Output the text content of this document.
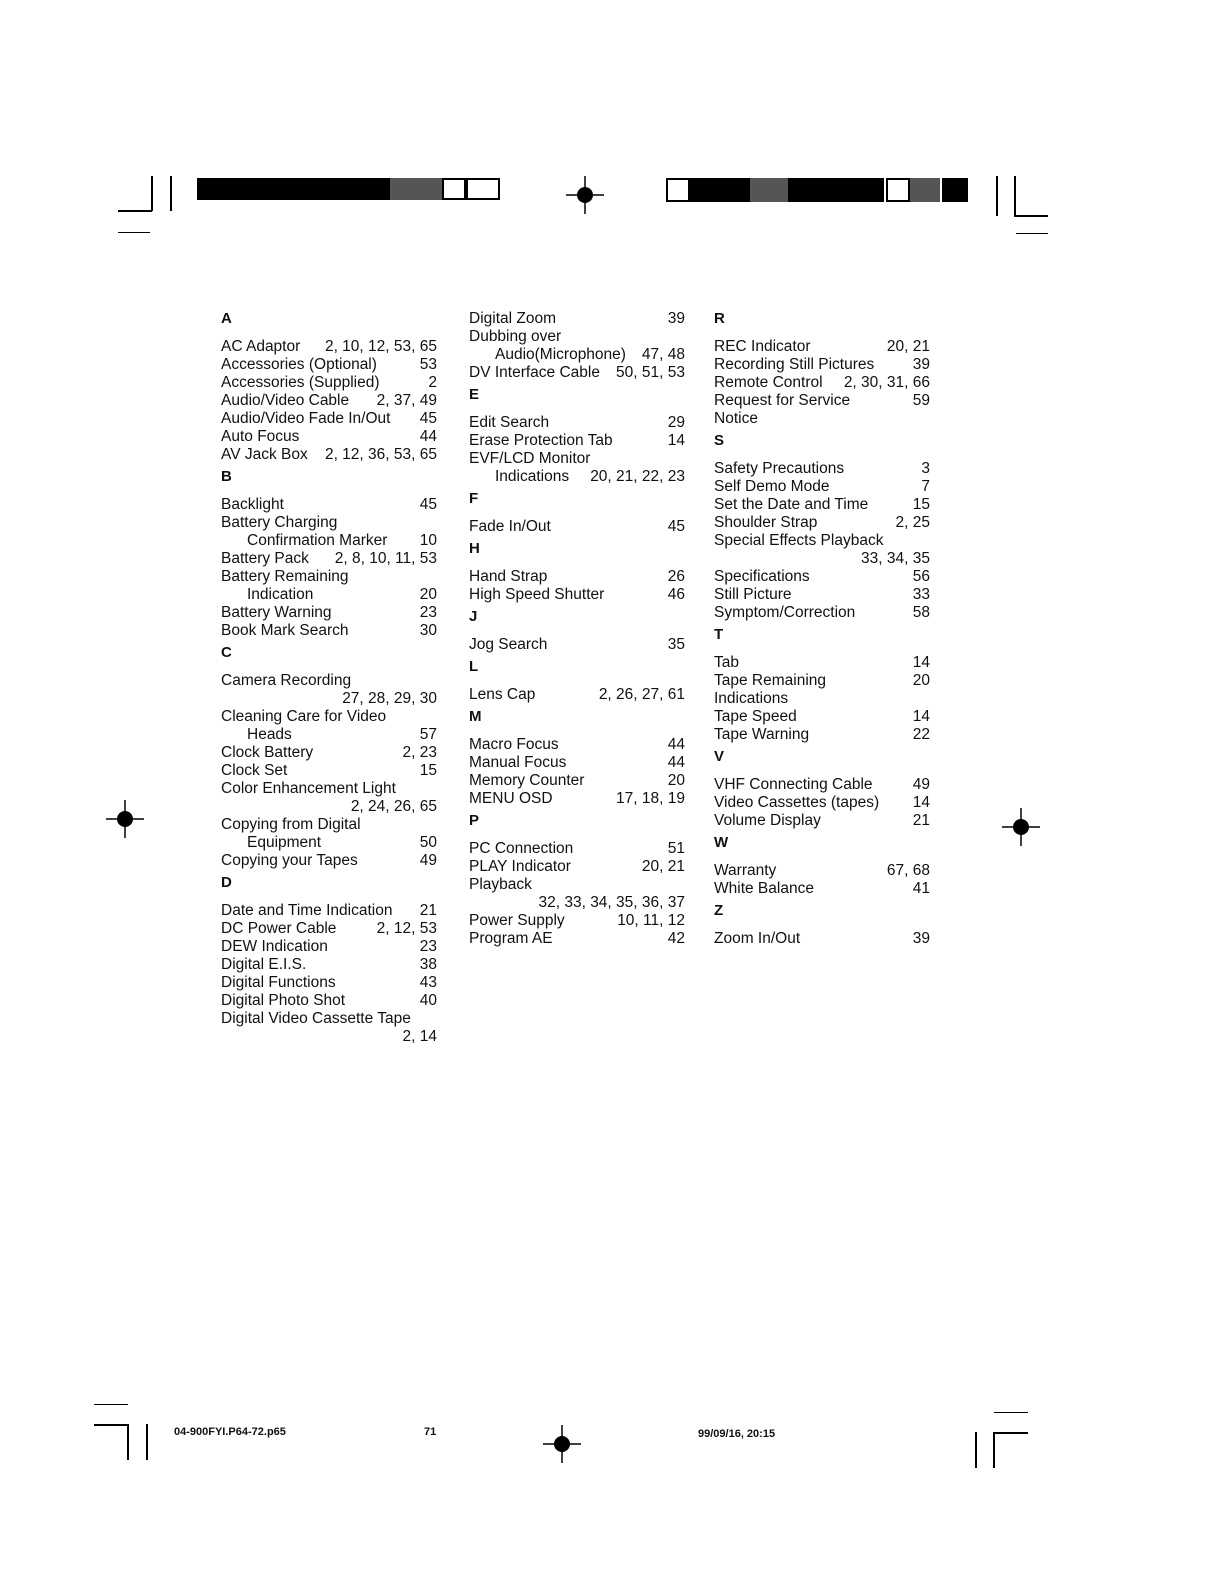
A
AC Adaptor	2, 10, 12, 53, 65
Accessories (Optional)	53
Accessories (Supplied)	2
Audio/Video Cable	2, 37, 49
Audio/Video Fade In/Out	45
Auto Focus	44
AV Jack Box	2, 12, 36, 53, 65
B
Backlight	45
Battery Charging
Confirmation Marker	10
Battery Pack	2, 8, 10, 11, 53
Battery Remaining
Indication	20
Battery Warning	23
Book Mark Search	30
C
Camera Recording
27, 28, 29, 30
Cleaning Care for Video
Heads	57
Clock Battery	2, 23
Clock Set	15
Color Enhancement Light
2, 24, 26, 65
Copying from Digital
Equipment	50
Copying your Tapes	49
D
Date and Time Indication	21
DC Power Cable	2, 12, 53
DEW Indication	23
Digital E.I.S.	38
Digital Functions	43
Digital Photo Shot	40
Digital Video Cassette Tape
2, 14
Digital Zoom	39
Dubbing over
Audio(Microphone)	47, 48
DV Interface Cable	50, 51, 53
E
Edit Search	29
Erase Protection Tab	14
EVF/LCD Monitor
Indications	20, 21, 22, 23
F
Fade In/Out	45
H
Hand Strap	26
High Speed Shutter	46
J
Jog Search	35
L
Lens Cap	2, 26, 27, 61
M
Macro Focus	44
Manual Focus	44
Memory Counter	20
MENU OSD	17, 18, 19
P
PC Connection	51
PLAY Indicator	20, 21
Playback
32, 33, 34, 35, 36, 37
Power Supply	10, 11, 12
Program AE	42
R
REC Indicator	20, 21
Recording Still Pictures	39
Remote Control	2, 30, 31, 66
Request for Service Notice
59
S
Safety Precautions	3
Self Demo Mode	7
Set the Date and Time	15
Shoulder Strap	2, 25
Special Effects Playback
33, 34, 35
Specifications	56
Still Picture	33
Symptom/Correction	58
T
Tab	14
Tape Remaining Indications
20
Tape Speed	14
Tape Warning	22
V
VHF Connecting Cable	49
Video Cassettes (tapes)	14
Volume Display	21
W
Warranty	67, 68
White Balance	41
Z
Zoom In/Out	39
04-900FYI.P64-72.p65	71	99/09/16, 20:15
